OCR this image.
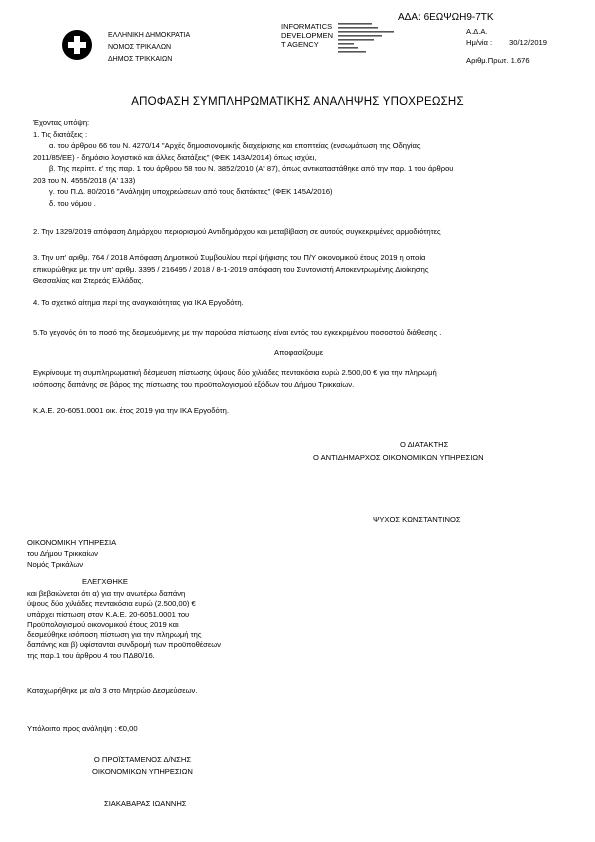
ΑΔΑ: 6ΕΩΨΩΗ9-7ΤΚ
ΕΛΛΗΝΙΚΗ ΔΗΜΟΚΡΑΤΙΑ
ΝΟΜΟΣ ΤΡΙΚΑΛΩΝ
ΔΗΜΟΣ ΤΡΙΚΚΑΙΩΝ
INFORMATICS
DEVELOPMEN
T AGENCY
Α.Δ.Α.
Ημ/νία : 30/12/2019
Αριθμ.Πρωτ. 1.676
ΑΠΟΦΑΣΗ ΣΥΜΠΛΗΡΩΜΑΤΙΚΗΣ ΑΝΑΛΗΨΗΣ ΥΠΟΧΡΕΩΣΗΣ
Έχοντας υπόψη:
1. Τις διατάξεις :
α. του άρθρου 66 του Ν. 4270/14 "Αρχές δημοσιονομικής διαχείρισης και εποπτείας (ενσωμάτωση της Οδηγίας
2011/85/ΕΕ) - δημόσιο λογιστικό και άλλες διατάξεις" (ΦΕΚ 143Α/2014) όπως ισχύει,
β. Της περίπτ. ε' της παρ. 1 του άρθρου 58 του Ν. 3852/2010 (Α' 87), όπως αντικαταστάθηκε από την παρ. 1 του άρθρου
203 του Ν. 4555/2018 (Α' 133)
γ. του Π.Δ. 80/2016 "Ανάληψη υποχρεώσεων από τους διατάκτες" (ΦΕΚ 145Α/2016)
δ. του νόμου .
2. Την 1329/2019 απόφαση Δημάρχου περιορισμού Αντιδημάρχου και μεταβίβαση σε αυτούς συγκεκριμένες αρμοδιότητες
3. Την υπ' αριθμ. 764 / 2018 Απόφαση Δημοτικού Συμβουλίου περί ψήφισης του Π/Υ οικονομικού έτους 2019 η οποία
επικυρώθηκε με την υπ' αριθμ. 3395 / 216495 / 2018 / 8-1-2019 απόφαση του Συντονιστή Αποκεντρωμένης Διοίκησης
Θεσσαλίας και Στερεάς Ελλάδας.
4. Το σχετικό αίτημα περί της αναγκαιότητας για ΙΚΑ Εργοδότη.
5.Το γεγονός ότι το ποσό της δεσμευόμενης με την παρούσα πίστωσης είναι εντός του εγκεκριμένου ποσοστού διάθεσης .
Αποφασίζουμε
Εγκρίνουμε τη συμπληρωματική δέσμευση πίστωσης ύψους δύο χιλιάδες πεντακόσια ευρώ 2.500,00 € για την πληρωμή
ισόποσης δαπάνης σε βάρος της πίστωσης του προϋπολογισμού εξόδων του Δήμου Τρικκαίων.
Κ.Α.Ε. 20-6051.0001 οικ. έτος 2019 για την ΙΚΑ Εργοδότη.
Ο ΔΙΑΤΑΚΤΗΣ
Ο ΑΝΤΙΔΗΜΑΡΧΟΣ ΟΙΚΟΝΟΜΙΚΩΝ ΥΠΗΡΕΣΙΩΝ
ΨΥΧΟΣ ΚΩΝΣΤΑΝΤΙΝΟΣ
ΟΙΚΟΝΟΜΙΚΗ ΥΠΗΡΕΣΙΑ
του Δήμου Τρικκαίων
Νομός Τρικάλων
ΕΛΕΓΧΘΗΚΕ
και βεβαιώνεται ότι α) για την ανωτέρω δαπάνη
ύψους δύο χιλιάδες πεντακόσια ευρώ (2.500,00) €
υπάρχει πίστωση στον Κ.Α.Ε. 20-6051.0001 του
Προϋπολογισμού οικονομικού έτους 2019 και
δεσμεύθηκε ισόποση πίστωση για την πληρωμή της
δαπάνης και β) υφίστανται συνδρομή των προϋποθέσεων
της παρ.1 του άρθρου 4 του ΠΔ80/16.
Καταχωρήθηκε με α/α 3 στο Μητρώο Δεσμεύσεων.
Υπόλοιπο προς ανάληψη : €0,00
Ο ΠΡΟΪΣΤΑΜΕΝΟΣ Δ/ΝΣΗΣ
ΟΙΚΟΝΟΜΙΚΩΝ ΥΠΗΡΕΣΙΩΝ
ΣΙΑΚΑΒΑΡΑΣ ΙΩΑΝΝΗΣ
